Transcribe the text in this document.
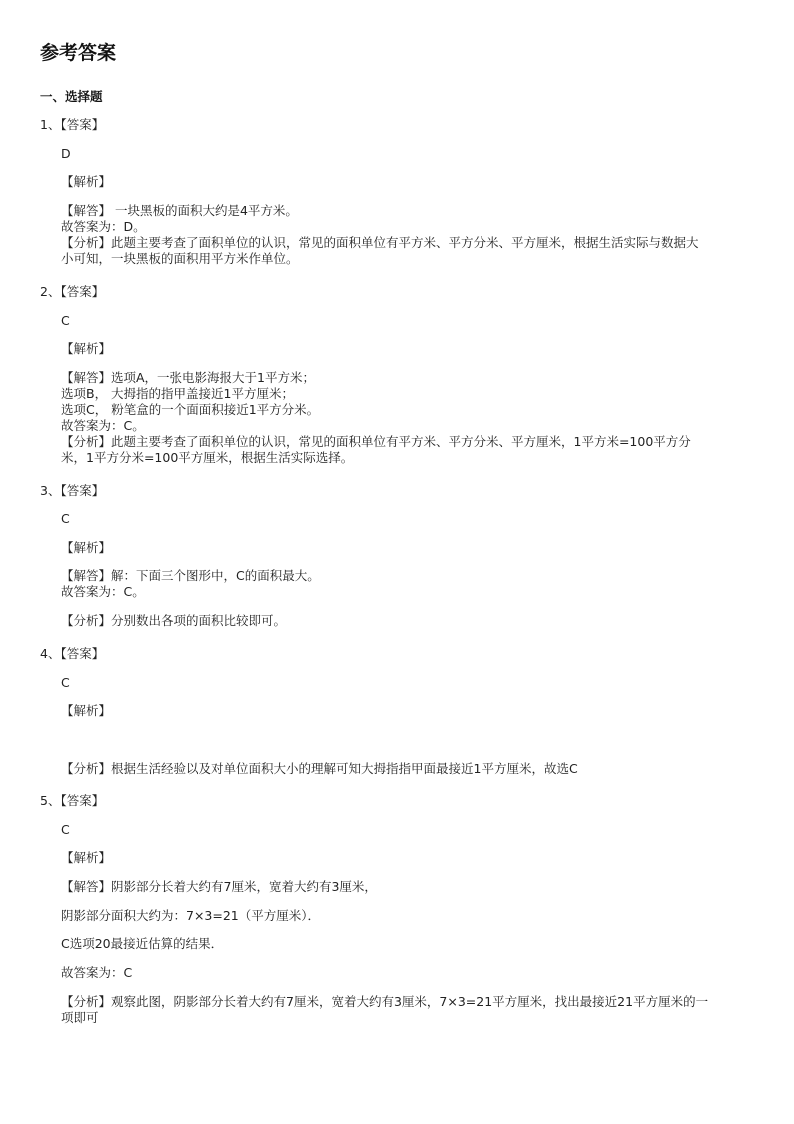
参考答案
一、选择题
1、【答案】
D
【解析】
【解答】 一块黑板的面积大约是4平方米。
故答案为：D。
【分析】此题主要考查了面积单位的认识，常见的面积单位有平方米、平方分米、平方厘米，根据生活实际与数据大
小可知，一块黑板的面积用平方米作单位。
2、【答案】
C
【解析】
【解答】选项A，一张电影海报大于1平方米；
选项B， 大拇指的指甲盖接近1平方厘米；
选项C， 粉笔盒的一个面面积接近1平方分米。
故答案为：C。
【分析】此题主要考查了面积单位的认识，常见的面积单位有平方米、平方分米、平方厘米，1平方米=100平方分
米，1平方分米=100平方厘米，根据生活实际选择。
3、【答案】
C
【解析】
【解答】解：下面三个图形中，C的面积最大。
故答案为：C。
【分析】分别数出各项的面积比较即可。
4、【答案】
C
【解析】
【分析】根据生活经验以及对单位面积大小的理解可知大拇指指甲面最接近1平方厘米，故选C
5、【答案】
C
【解析】
【解答】阴影部分长着大约有7厘米，宽着大约有3厘米，
阴影部分面积大约为：7×3=21（平方厘米）．
C选项20最接近估算的结果．
故答案为：C
【分析】观察此图，阴影部分长着大约有7厘米，宽着大约有3厘米，7×3=21平方厘米，找出最接近21平方厘米的一
项即可
